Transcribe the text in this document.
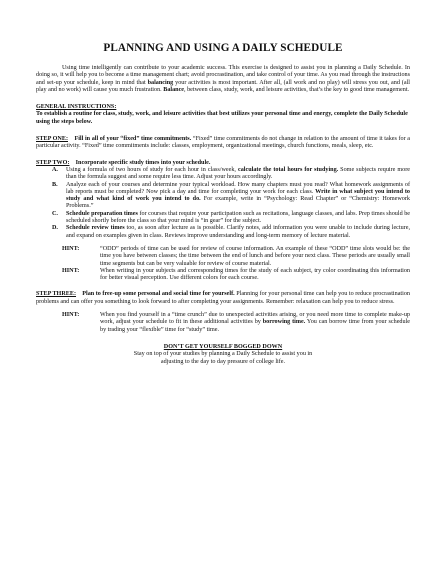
PLANNING AND USING A DAILY SCHEDULE

Using time intelligently can contribute to your academic success. This exercise is designed to assist you in planning a Daily Schedule. In doing so, it will help you to become a time management chart; avoid procrastination, and take control of your time. As you read through the instructions and set-up your schedule, keep in mind that balancing your activities is most important. After all, (all work and no play) will stress you out, and (all play and no work) will cause you much frustration. Balance, between class, study, work, and leisure activities, that’s the key to good time management.

GENERAL INSTRUCTIONS:

To establish a routine for class, study, work, and leisure activities that best utilizes your personal time and energy, complete the Daily Schedule using the steps below.

STEP ONE: Fill in all of your “fixed” time commitments. “Fixed” time commitments do not change in relation to the amount of time it takes for a particular activity. “Fixed” time commitments include: classes, employment, organizational meetings, church functions, meals, sleep, etc.

STEP TWO: Incorporate specific study times into your schedule.

A.	Using a formula of two hours of study for each hour in class/week, calculate the total hours for studying. Some subjects require more than the formula suggest and some require less time. Adjust your hours accordingly.
B.	Analyze each of your courses and determine your typical workload. How many chapters must you read? What homework assignments of lab reports must be completed? Now pick a day and time for completing your work for each class. Write in what subject you intend to study and what kind of work you intend to do. For example, write in “Psychology: Read Chapter” or “Chemistry: Homework Problems.”
C.	Schedule preparation times for courses that require your participation such as recitations, language classes, and labs. Prep times should be scheduled shortly before the class so that your mind is “in gear” for the subject.
D.	Schedule review times too, as soon after lecture as is possible. Clarify notes, add information you were unable to include during lecture, and expand on examples given in class. Reviews improve understanding and long-term memory of lecture material.
HINT:	“ODD” periods of time can be used for review of course information. An example of these “ODD” time slots would be: the time you have between classes; the time between the end of lunch and before your next class. These periods are usually small time segments but can be very valuable for review of course material.
HINT:	When writing in your subjects and corresponding times for the study of each subject, try color coordinating this information for better visual perception. Use different colors for each course.

STEP THREE: Plan to free-up some personal and social time for yourself. Planning for your personal time can help you to reduce procrastination problems and can offer you something to look forward to after completing your assignments. Remember: relaxation can help you to reduce stress.

HINT:	When you find yourself in a “time crunch” due to unexpected activities arising, or you need more time to complete make-up work, adjust your schedule to fit in these additional activities by borrowing time. You can borrow time from your schedule by trading your “flexible” time for “study” time.
DON’T GET YOURSELF BOGGED DOWN
Stay on top of your studies by planning a Daily Schedule to assist you in
adjusting to the day to day pressure of college life.
